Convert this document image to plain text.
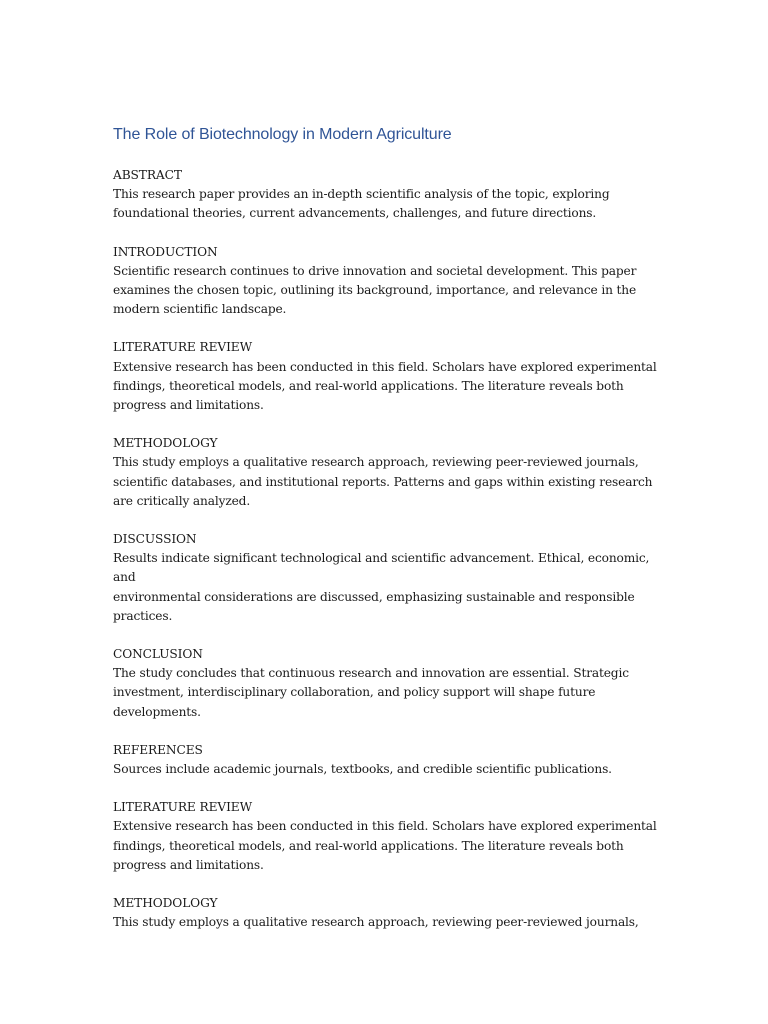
The Role of Biotechnology in Modern Agriculture
ABSTRACT
This research paper provides an in-depth scientific analysis of the topic, exploring
foundational theories, current advancements, challenges, and future directions.
INTRODUCTION
Scientific research continues to drive innovation and societal development. This paper
examines the chosen topic, outlining its background, importance, and relevance in the
modern scientific landscape.
LITERATURE REVIEW
Extensive research has been conducted in this field. Scholars have explored experimental
findings, theoretical models, and real-world applications. The literature reveals both
progress and limitations.
METHODOLOGY
This study employs a qualitative research approach, reviewing peer-reviewed journals,
scientific databases, and institutional reports. Patterns and gaps within existing research
are critically analyzed.
DISCUSSION
Results indicate significant technological and scientific advancement. Ethical, economic, and
environmental considerations are discussed, emphasizing sustainable and responsible
practices.
CONCLUSION
The study concludes that continuous research and innovation are essential. Strategic
investment, interdisciplinary collaboration, and policy support will shape future
developments.
REFERENCES
Sources include academic journals, textbooks, and credible scientific publications.
LITERATURE REVIEW
Extensive research has been conducted in this field. Scholars have explored experimental
findings, theoretical models, and real-world applications. The literature reveals both
progress and limitations.
METHODOLOGY
This study employs a qualitative research approach, reviewing peer-reviewed journals,
